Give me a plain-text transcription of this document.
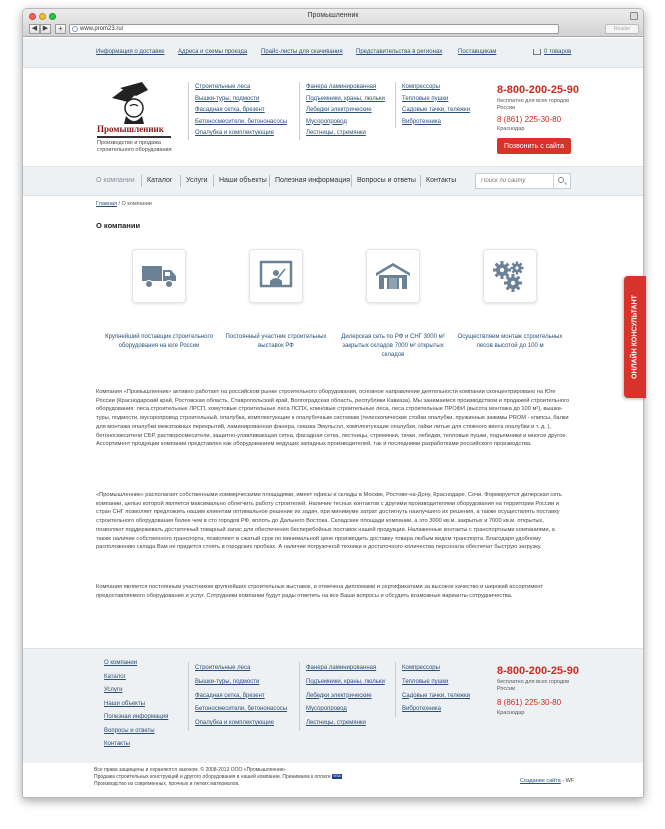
Промышленник
◀ ▶	+	www.prom23.ru/	Reader
Информация о доставке Адреса и схемы проезда Прайс-листы для скачивания Представительства в регионах	Поставщикам	0 товаров
Промышленник
Производство и продажа строительного оборудования
Строительные леса
Вышки-туры, подмости
Фасадная сетка, брезент
Бетоносмесители, бетононасосы
Опалубка и комплектующие
Фанера ламинированная
Подъемники, краны, люльки
Лебедки электрические
Мусоропровод
Лестницы, стремянки
Компрессоры
Тепловые пушки
Садовые тачки, тележки
Вибротехника
8-800-200-25-90
бесплатно для всех городов России
8 (861) 225-30-80
Краснодар
Позвонить с сайта
О компании Каталог Услуги Наши объекты Полезная информация Вопросы и ответы Контакты
Поиск по сайту
Главная / О компании
О компании
Крупнейший поставщик строительного оборудования на юге России
Постоянный участник строительных выставок РФ
Дилерская сеть по РФ и СНГ 3000 м² закрытых складов 7000 м² открытых складов
Осуществляем монтаж строительных лесов высотой до 100 м
Компания «Промышленник» активно работает на российском рынке строительного оборудования, основное направление деятельности компании сконцентрировано на Юге России (Краснодарский край, Ростовская область, Ставропольский край, Волгоградская область, республики Кавказа). Мы занимаемся производством и продажей строительного оборудования: леса строительные ЛРСП, хомутовые строительные леса ЛСПХ, клиновые строительные леса, леса строительные ПРОФИ (высота монтажа до 100 м²), вышки-туры, подмости, мусоропровод строительный, опалубка, комплектующие к опалубочным системам (телескопические стойки опалубки, пружинные зажимы PROM - клипсы, балки для монтажа опалубки межэтажных перекрытий, ламинированная фанера, смазка Эмульсол, комплектующие опалубки, гайки литые для стяжного винта опалубки и т. д. ), бетоносмесители СБР, растворосмесители, защитно-улавливающая сетка, фасадная сетка, лестницы, стремянки, тачки, лебедки, тепловые пушки, подъемники и многое другое. Ассортимент продукции компании представлен как оборудованием ведущих западных производителей, так и последними разработками российского производства.
«Промышленник» располагает собственными коммерческими площадями, имеет офисы и склады в Москве, Ростове-на-Дону, Краснодаре, Сочи. Формируется дилерская сеть компании, целью которой является максимально облегчить работу строителей. Наличие тесных контактов с другими производителями оборудования на территории России и стран СНГ позволяет предложить нашим клиентам оптимальное решение их задач, при минимуме затрат достигнуть наилучшего их решения, а также осуществлять поставку строительного оборудования более чем в сто городов РФ, вплоть до Дальнего Востока. Складские площади компании, а это 3000 кв.м. закрытых и 7000 кв.м. открытых, позволяют поддерживать достаточный товарный запас для обеспечения бесперебойных поставок нашей продукции. Налаженные контакты с транспортными компаниями, а также наличие собственного транспорта, позволяют в сжатый срок по минимальной цене производить доставку товара любым видом транспорта. Благодаря удобному расположению склада Вам не придется стоять в городских пробках. А наличие погрузочной техники и достаточного количества персонала обеспечат быструю загрузку.
Компания является постоянным участником крупнейших строительных выставок, и отмечена дипломами и сертификатами за высокое качество и широкий ассортимент предоставляемого оборудования и услуг. Сотрудники компании будут рады ответить на все Ваши вопросы и обсудить возможные варианты сотрудничества.
О компании
Каталог
Услуги
Наши объекты
Полезная информация
Вопросы и ответы
Контакты
Строительные леса
Вышки-туры, подмости
Фасадная сетка, брезент
Бетоносмесители, бетононасосы
Опалубка и комплектующие
Фанера ламинированная
Подъемники, краны, люльки
Лебедки электрические
Мусоропровод
Лестницы, стремянки
Компрессоры
Тепловые пушки
Садовые тачки, тележки
Вибротехника
8-800-200-25-90
бесплатно для всех городов России
8 (861) 225-30-80
Краснодар
Все права защищены и охраняются законом. © 2008-2013 ООО «Промышленник»
Продажа строительных конструкций и другого оборудования в нашей компании. Принимаем к оплате VISA
Производство из современных, прочных и легких материалов.	Создание сайта - WF
ОНЛАЙН КОНСУЛЬТАНТ
